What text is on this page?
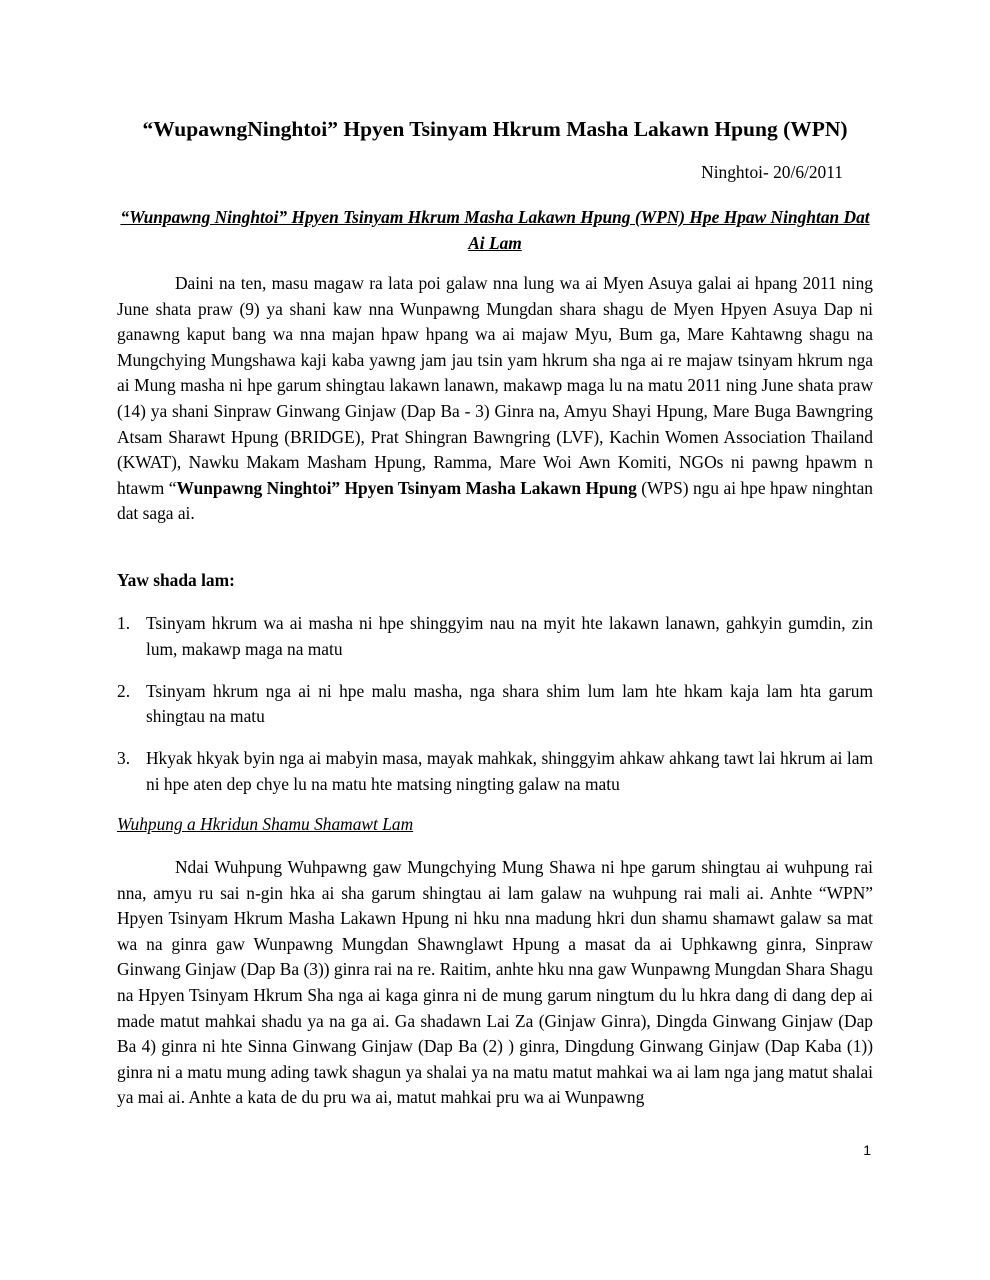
“WupawngNinghtoi” Hpyen Tsinyam Hkrum Masha Lakawn Hpung (WPN)

Ninghtoi- 20/6/2011

“Wunpawng Ninghtoi” Hpyen Tsinyam Hkrum Masha Lakawn Hpung (WPN) Hpe Hpaw Ninghtan Dat Ai Lam

Daini na ten, masu magaw ra lata poi galaw nna lung wa ai Myen Asuya galai ai hpang 2011 ning June shata praw (9) ya shani kaw nna Wunpawng Mungdan shara shagu de Myen Hpyen Asuya Dap ni ganawng kaput bang wa nna majan hpaw hpang wa ai majaw Myu, Bum ga, Mare Kahtawng shagu na Mungchying Mungshawa kaji kaba yawng jam jau tsin yam hkrum sha nga ai re majaw tsinyam hkrum nga ai Mung masha ni hpe garum shingtau lakawn lanawn, makawp maga lu na matu 2011 ning June shata praw (14) ya shani Sinpraw Ginwang Ginjaw (Dap Ba - 3) Ginra na, Amyu Shayi Hpung, Mare Buga Bawngring Atsam Sharawt Hpung (BRIDGE), Prat Shingran Bawngring (LVF), Kachin Women Association Thailand (KWAT), Nawku Makam Masham Hpung, Ramma, Mare Woi Awn Komiti, NGOs ni pawng hpawm n htawm “Wunpawng Ninghtoi” Hpyen Tsinyam Masha Lakawn Hpung (WPS) ngu ai hpe hpaw ninghtan dat saga ai.

Yaw shada lam:

1. Tsinyam hkrum wa ai masha ni hpe shinggyim nau na myit hte lakawn lanawn, gahkyin gumdin, zin lum, makawp maga na matu
2. Tsinyam hkrum nga ai ni hpe malu masha, nga shara shim lum lam hte hkam kaja lam hta garum shingtau na matu
3. Hkyak hkyak byin nga ai mabyin masa, mayak mahkak, shinggyim ahkaw ahkang tawt lai hkrum ai lam ni hpe aten dep chye lu na matu hte matsing ningting galaw na matu

Wuhpung a Hkridun Shamu Shamawt Lam

Ndai Wuhpung Wuhpawng gaw Mungchying Mung Shawa ni hpe garum shingtau ai wuhpung rai nna, amyu ru sai n-gin hka ai sha garum shingtau ai lam galaw na wuhpung rai mali ai. Anhte “WPN” Hpyen Tsinyam Hkrum Masha Lakawn Hpung ni hku nna madung hkri dun shamu shamawt galaw sa mat wa na ginra gaw Wunpawng Mungdan Shawnglawt Hpung a masat da ai Uphkawng ginra, Sinpraw Ginwang Ginjaw (Dap Ba (3)) ginra rai na re. Raitim, anhte hku nna gaw Wunpawng Mungdan Shara Shagu na Hpyen Tsinyam Hkrum Sha nga ai kaga ginra ni de mung garum ningtum du lu hkra dang di dang dep ai made matut mahkai shadu ya na ga ai. Ga shadawn Lai Za (Ginjaw Ginra), Dingda Ginwang Ginjaw (Dap Ba 4) ginra ni hte Sinna Ginwang Ginjaw (Dap Ba (2) ) ginra, Dingdung Ginwang Ginjaw (Dap Kaba (1)) ginra ni a matu mung ading tawk shagun ya shalai ya na matu matut mahkai wa ai lam nga jang matut shalai ya mai ai. Anhte a kata de du pru wa ai, matut mahkai pru wa ai Wunpawng

1
